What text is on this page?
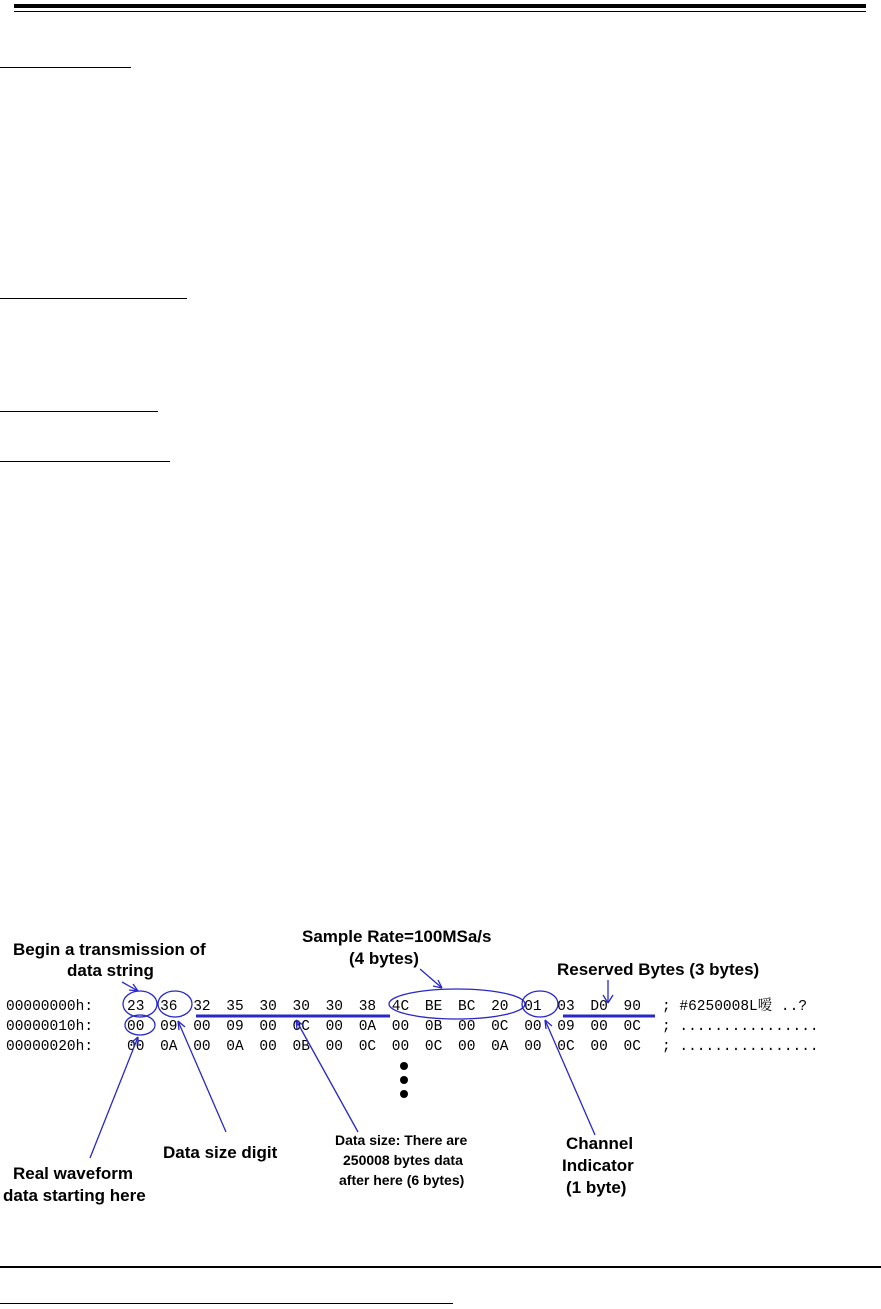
Begin a transmission of
data string
Sample Rate=100MSa/s
(4 bytes)
Reserved Bytes (3 bytes)
00000000h: 23 36 32 35 30 30 30 38 4C BE BC 20 01 03 D0 90 ; #6250008L嗳 ..?
00000010h: 00 09 00 09 00 0C 00 0A 00 0B 00 0C 00 09 00 0C ; ................
00000020h: 00 0A 00 0A 00 0B 00 0C 00 0C 00 0A 00 0C 00 0C ; ................
Data size digit
Data size: There are
250008 bytes data
after here (6 bytes)
Channel
Indicator
(1 byte)
Real waveform
data starting here
